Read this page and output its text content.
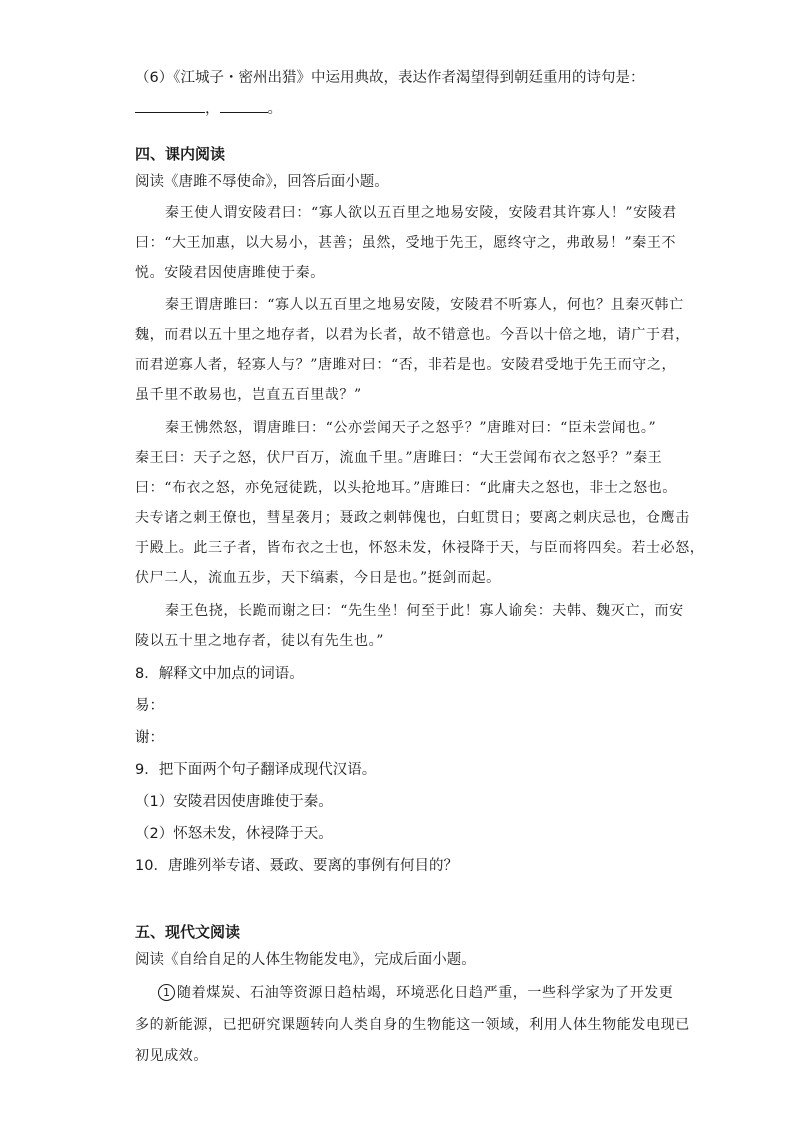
（6）《江城子・密州出猎》中运用典故，表达作者渴望得到朝廷重用的诗句是：
，	。
四、课内阅读
阅读《唐雎不辱使命》，回答后面小题。
秦王使人谓安陵君曰：“寡人欲以五百里之地易安陵，安陵君其许寡人！”安陵君
曰：“大王加惠，以大易小，甚善；虽然，受地于先王，愿终守之，弗敢易！”秦王不
悦。安陵君因使唐雎使于秦。
秦王谓唐雎曰：“寡人以五百里之地易安陵，安陵君不听寡人，何也？且秦灭韩亡
魏，而君以五十里之地存者，以君为长者，故不错意也。今吾以十倍之地，请广于君，
而君逆寡人者，轻寡人与？”唐雎对曰：“否，非若是也。安陵君受地于先王而守之，
虽千里不敢易也，岂直五百里哉？”
秦王怫然怒，谓唐雎曰：“公亦尝闻天子之怒乎？”唐雎对曰：“臣未尝闻也。”
秦王曰：天子之怒，伏尸百万，流血千里。”唐雎曰：“大王尝闻布衣之怒乎？”秦王
曰：“布衣之怒，亦免冠徒跣，以头抢地耳。”唐雎曰：“此庸夫之怒也，非士之怒也。
夫专诸之刺王僚也，彗星袭月；聂政之刺韩傀也，白虹贯日；要离之刺庆忌也，仓鹰击
于殿上。此三子者，皆布衣之士也，怀怒未发，休祲降于天，与臣而将四矣。若士必怒，
伏尸二人，流血五步，天下缟素，今日是也。”挺剑而起。
秦王色挠，长跪而谢之曰：“先生坐！何至于此！寡人谕矣：夫韩、魏灭亡，而安
陵以五十里之地存者，徒以有先生也。”
8．解释文中加点的词语。
易：
谢：
9．把下面两个句子翻译成现代汉语。
（1）安陵君因使唐雎使于秦。
（2）怀怒未发，休祲降于天。
10．唐雎列举专诸、聂政、要离的事例有何目的？
五、现代文阅读
阅读《自给自足的人体生物能发电》，完成后面小题。
1 随着煤炭、石油等资源日趋枯竭，环境恶化日趋严重，一些科学家为了开发更
多的新能源，已把研究课题转向人类自身的生物能这一领域，利用人体生物能发电现已
初见成效。
